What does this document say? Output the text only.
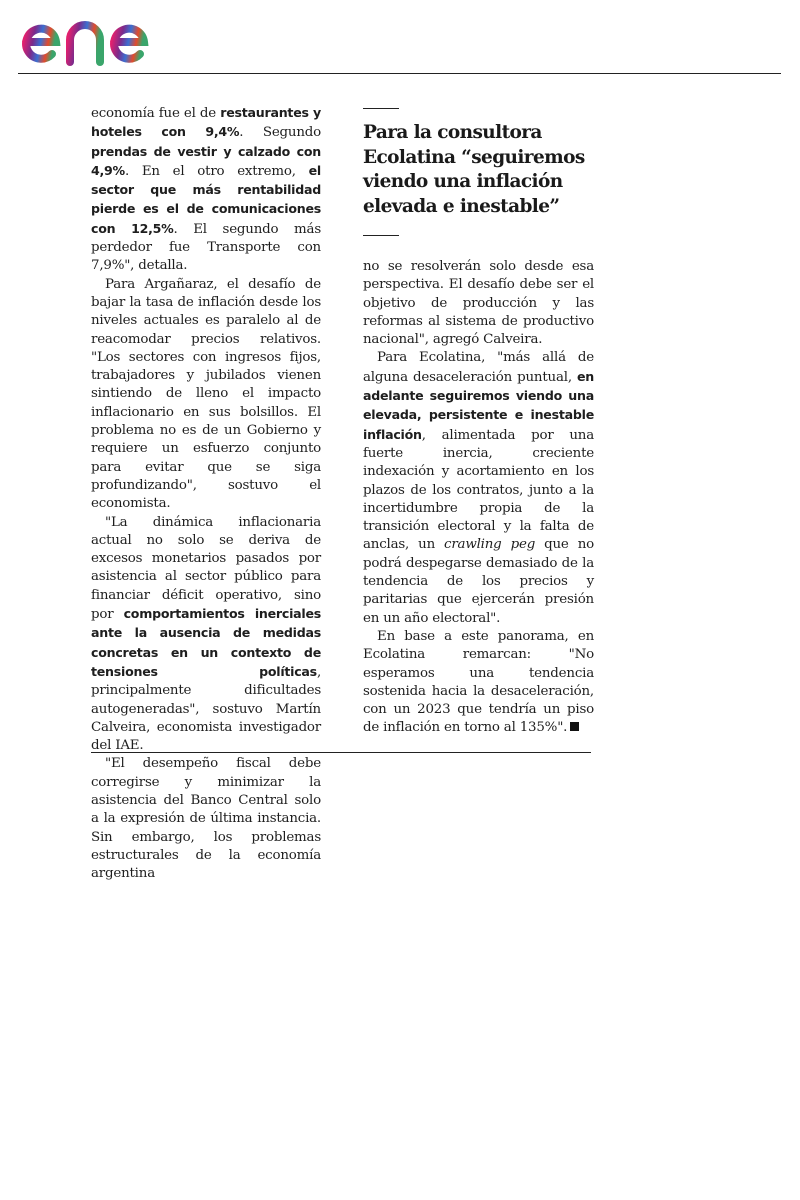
economía fue el de restaurantes y hoteles con 9,4%. Segundo prendas de vestir y calzado con 4,9%. En el otro extremo, el sector que más rentabilidad pierde es el de comunicaciones con 12,5%. El segundo más perdedor fue Transporte con 7,9%", detalla.

Para Argañaraz, el desafío de bajar la tasa de inflación desde los niveles actuales es paralelo al de reacomodar precios relativos. "Los sectores con ingresos fijos, trabajadores y jubilados vienen sintiendo de lleno el impacto inflacionario en sus bolsillos. El problema no es de un Gobierno y requiere un esfuerzo conjunto para evitar que se siga profundizando", sostuvo el economista.

"La dinámica inflacionaria actual no solo se deriva de excesos monetarios pasados por asistencia al sector público para financiar déficit operativo, sino por comportamientos inerciales ante la ausencia de medidas concretas en un contexto de tensiones políticas, principalmente dificultades autogeneradas", sostuvo Martín Calveira, economista investigador del IAE.

"El desempeño fiscal debe corregirse y minimizar la asistencia del Banco Central solo a la expresión de última instancia. Sin embargo, los problemas estructurales de la economía argentina

Para la consultora Ecolatina “seguiremos viendo una inflación elevada e inestable”

no se resolverán solo desde esa perspectiva. El desafío debe ser el objetivo de producción y las reformas al sistema de productivo nacional", agregó Calveira.

Para Ecolatina, "más allá de alguna desaceleración puntual, en adelante seguiremos viendo una elevada, persistente e inestable inflación, alimentada por una fuerte inercia, creciente indexación y acortamiento en los plazos de los contratos, junto a la incertidumbre propia de la transición electoral y la falta de anclas, un crawling peg que no podrá despegarse demasiado de la tendencia de los precios y paritarias que ejercerán presión en un año electoral".

En base a este panorama, en Ecolatina remarcan: "No esperamos una tendencia sostenida hacia la desaceleración, con un 2023 que tendría un piso de inflación en torno al 135%".
